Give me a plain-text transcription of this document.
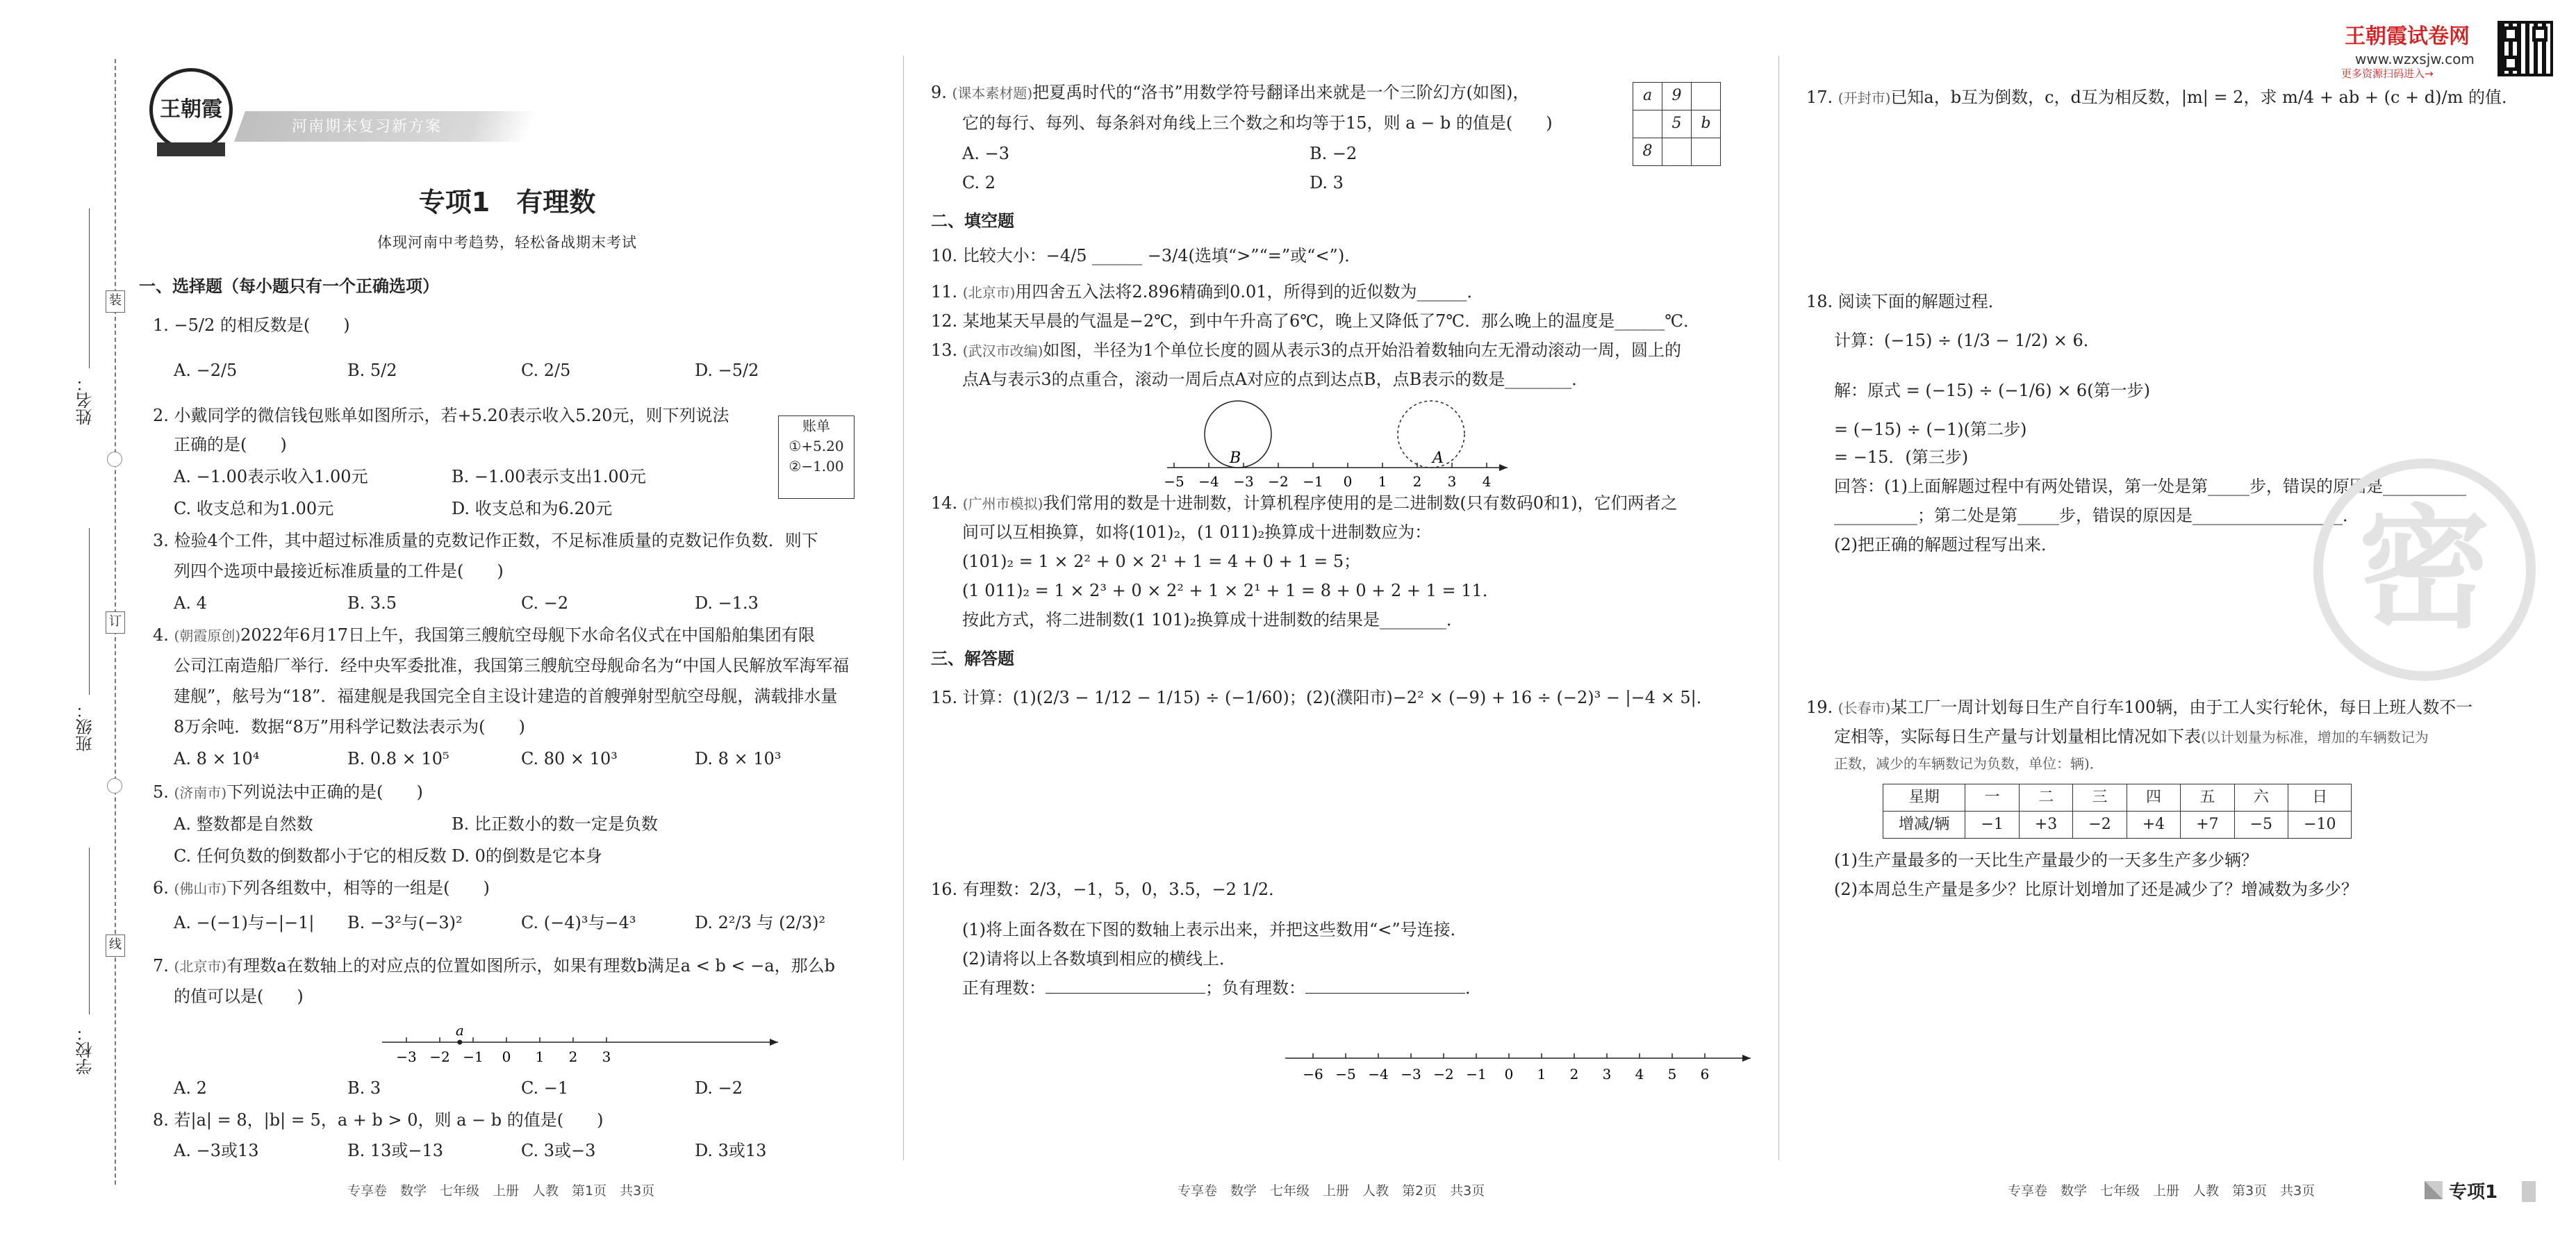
装
订
线
姓名：
班级：
学校：
王朝霞
河南期末复习新方案
专项1　有理数
体现河南中考趋势，轻松备战期末考试
一、选择题（每小题只有一个正确选项）
1. −5/2 的相反数是(　　)
A. −2/5	B. 5/2	C. 2/5	D. −5/2
2. 小戴同学的微信钱包账单如图所示，若+5.20表示收入5.20元，则下列说法
正确的是(　　)
账单
①+5.20
②−1.00
A. −1.00表示收入1.00元	B. −1.00表示支出1.00元
C. 收支总和为1.00元	D. 收支总和为6.20元
3. 检验4个工件，其中超过标准质量的克数记作正数，不足标准质量的克数记作负数．则下
列四个选项中最接近标准质量的工件是(　　)
A. 4	B. 3.5	C. −2	D. −1.3
4. (朝霞原创)2022年6月17日上午，我国第三艘航空母舰下水命名仪式在中国船舶集团有限
公司江南造船厂举行．经中央军委批准，我国第三艘航空母舰命名为“中国人民解放军海军福
建舰”，舷号为“18”．福建舰是我国完全自主设计建造的首艘弹射型航空母舰，满载排水量
8万余吨．数据“8万”用科学记数法表示为(　　)
A. 8 × 10⁴	B. 0.8 × 10⁵	C. 80 × 10³	D. 8 × 10³
5. (济南市)下列说法中正确的是(　　)
A. 整数都是自然数	B. 比正数小的数一定是负数
C. 任何负数的倒数都小于它的相反数 D. 0的倒数是它本身
6. (佛山市)下列各组数中，相等的一组是(　　)
A. −(−1)与−|−1|	B. −3²与(−3)²	C. (−4)³与−4³	D. 2²/3 与 (2/3)²
7. (北京市)有理数a在数轴上的对应点的位置如图所示，如果有理数b满足a < b < −a，那么b
的值可以是(　　)
−3 −2 −1 0 1 2 3
a
A. 2	B. 3	C. −1	D. −2
8. 若|a| = 8，|b| = 5，a + b > 0，则 a − b 的值是(　　)
A. −3或13	B. 13或−13	C. 3或−3	D. 3或13
9. (课本素材题)把夏禹时代的“洛书”用数学符号翻译出来就是一个三阶幻方(如图)，
它的每行、每列、每条斜对角线上三个数之和均等于15，则 a − b 的值是(　　)
A. −3	B. −2
C. 2	D. 3
a	9	
	5	b
8		
二、填空题
10. 比较大小：−4/5 ______ −3/4(选填“>”“=”或“<”)．
11. (北京市)用四舍五入法将2.896精确到0.01，所得到的近似数为______．
12. 某地某天早晨的气温是−2℃，到中午升高了6℃，晚上又降低了7℃．那么晚上的温度是______℃．
13. (武汉市改编)如图，半径为1个单位长度的圆从表示3的点开始沿着数轴向左无滑动滚动一周，圆上的
点A与表示3的点重合，滚动一周后点A对应的点到达点B，点B表示的数是________．
−5 −4 −3 −2 −1 0 1 2 3 4
B	A
14. (广州市模拟)我们常用的数是十进制数，计算机程序使用的是二进制数(只有数码0和1)，它们两者之
间可以互相换算，如将(101)₂，(1 011)₂换算成十进制数应为：
(101)₂ = 1 × 2² + 0 × 2¹ + 1 = 4 + 0 + 1 = 5；
(1 011)₂ = 1 × 2³ + 0 × 2² + 1 × 2¹ + 1 = 8 + 0 + 2 + 1 = 11．
按此方式，将二进制数(1 101)₂换算成十进制数的结果是________．
三、解答题
15. 计算：(1)(2/3 − 1/12 − 1/15) ÷ (−1/60)； (2)(濮阳市)−2² × (−9) + 16 ÷ (−2)³ − |−4 × 5|．
16. 有理数：2/3，−1，5，0，3.5，−2 1/2．
(1)将上面各数在下图的数轴上表示出来，并把这些数用“<”号连接．
(2)请将以上各数填到相应的横线上．
正有理数：	；负有理数：	．
−6 −5 −4 −3 −2 −1 0 1 2 3 4 5 6
17. (开封市)已知a，b互为倒数，c，d互为相反数，|m| = 2，求 m/4 + ab + (c + d)/m 的值．
18. 阅读下面的解题过程．
计算：(−15) ÷ (1/3 − 1/2) × 6．
解：原式 = (−15) ÷ (−1/6) × 6(第一步)
= (−15) ÷ (−1)(第二步)
= −15．(第三步)
回答：(1)上面解题过程中有两处错误，第一处是第_____步，错误的原因是__________
__________；第二处是第_____步，错误的原因是__________________．
(2)把正确的解题过程写出来．
19. (长春市)某工厂一周计划每日生产自行车100辆，由于工人实行轮休，每日上班人数不一
定相等，实际每日生产量与计划量相比情况如下表(以计划量为标准，增加的车辆数记为
正数，减少的车辆数记为负数，单位：辆)．
星期	一	二	三	四	五	六	日
增减/辆	−1	+3	−2	+4	+7	−5	−10
(1)生产量最多的一天比生产量最少的一天多生产多少辆？
(2)本周总生产量是多少？比原计划增加了还是减少了？增减数为多少？
王朝霞试卷网
www.wzxsjw.com
更多资源扫码进入→
密
专享卷　数学　七年级　上册　人教　第1页　共3页	专享卷　数学　七年级　上册　人教　第2页　共3页	专享卷　数学　七年级　上册　人教　第3页　共3页	专项1
